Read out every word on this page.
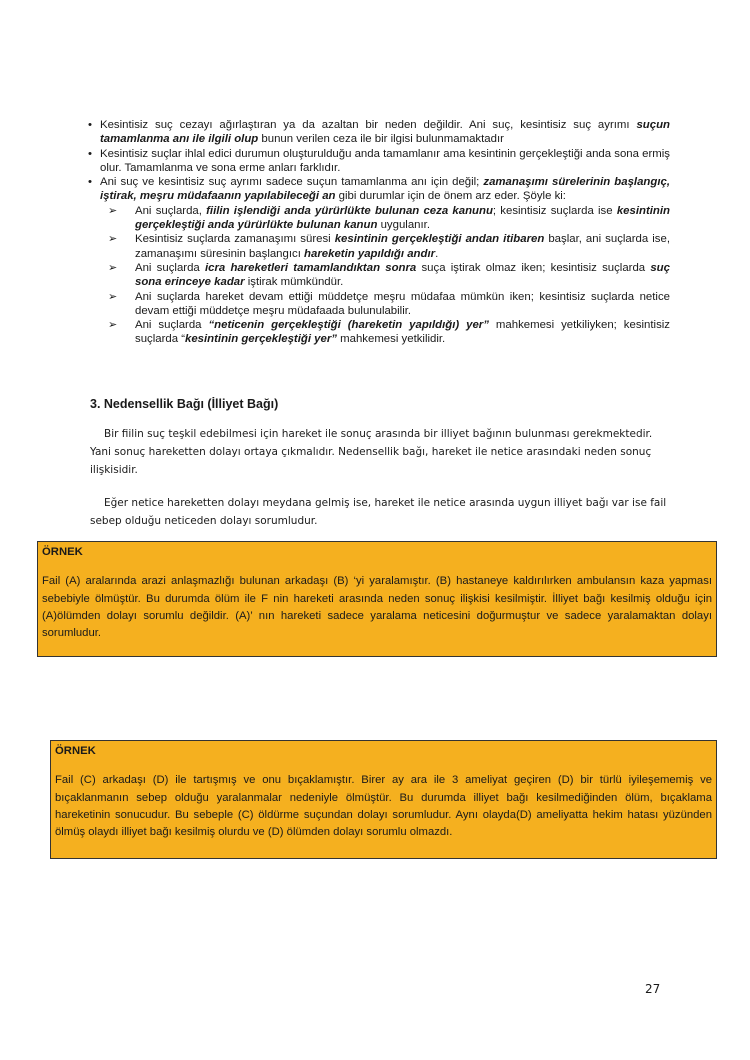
• Kesintisiz suç cezayı ağırlaştıran ya da azaltan bir neden değildir. Ani suç, kesintisiz suç ayrımı suçun tamamlanma anı ile ilgili olup bunun verilen ceza ile bir ilgisi bulunmamaktadır
• Kesintisiz suçlar ihlal edici durumun oluşturulduğu anda tamamlanır ama kesintinin gerçekleştiği anda sona ermiş olur. Tamamlanma ve sona erme anları farklıdır.
• Ani suç ve kesintisiz suç ayrımı sadece suçun tamamlanma anı için değil; zamanaşımı sürelerinin başlangıç, iştirak, meşru müdafaanın yapılabileceği an gibi durumlar için de önem arz eder. Şöyle ki:
➢ Ani suçlarda, fiilin işlendiği anda yürürlükte bulunan ceza kanunu; kesintisiz suçlarda ise kesintinin gerçekleştiği anda yürürlükte bulunan kanun uygulanır.
➢ Kesintisiz suçlarda zamanaşımı süresi kesintinin gerçekleştiği andan itibaren başlar, ani suçlarda ise, zamanaşımı süresinin başlangıcı hareketin yapıldığı andır.
➢ Ani suçlarda icra hareketleri tamamlandıktan sonra suça iştirak olmaz iken; kesintisiz suçlarda suç sona erinceye kadar iştirak mümkündür.
➢ Ani suçlarda hareket devam ettiği müddetçe meşru müdafaa mümkün iken; kesintisiz suçlarda netice devam ettiği müddetçe meşru müdafaada bulunulabilir.
➢ Ani suçlarda “neticenin gerçekleştiği (hareketin yapıldığı) yer” mahkemesi yetkiliyken; kesintisiz suçlarda “kesintinin gerçekleştiği yer” mahkemesi yetkilidir.
3. Nedensellik Bağı (İlliyet Bağı)
Bir fiilin suç teşkil edebilmesi için hareket ile sonuç arasında bir illiyet bağının bulunması gerekmektedir. Yani sonuç hareketten dolayı ortaya çıkmalıdır. Nedensellik bağı, hareket ile netice arasındaki neden sonuç ilişkisidir.
Eğer netice hareketten dolayı meydana gelmiş ise, hareket ile netice arasında uygun illiyet bağı var ise fail sebep olduğu neticeden dolayı sorumludur.
ÖRNEK
Fail (A) aralarında arazi anlaşmazlığı bulunan arkadaşı (B) ‘yi yaralamıştır. (B) hastaneye kaldırılırken ambulansın kaza yapması sebebiyle ölmüştür. Bu durumda ölüm ile F nin hareketi arasında neden sonuç ilişkisi kesilmiştir. İlliyet bağı kesilmiş olduğu için (A)ölümden dolayı sorumlu değildir. (A)’ nın hareketi sadece yaralama neticesini doğurmuştur ve sadece yaralamaktan dolayı sorumludur.
ÖRNEK
Fail (C) arkadaşı (D) ile tartışmış ve onu bıçaklamıştır. Birer ay ara ile 3 ameliyat geçiren (D) bir türlü iyileşememiş ve bıçaklanmanın sebep olduğu yaralanmalar nedeniyle ölmüştür. Bu durumda illiyet bağı kesilmediğinden ölüm, bıçaklama hareketinin sonucudur. Bu sebeple (C) öldürme suçundan dolayı sorumludur. Aynı olayda(D) ameliyatta hekim hatası yüzünden ölmüş olaydı illiyet bağı kesilmiş olurdu ve (D) ölümden dolayı sorumlu olmazdı.
27
